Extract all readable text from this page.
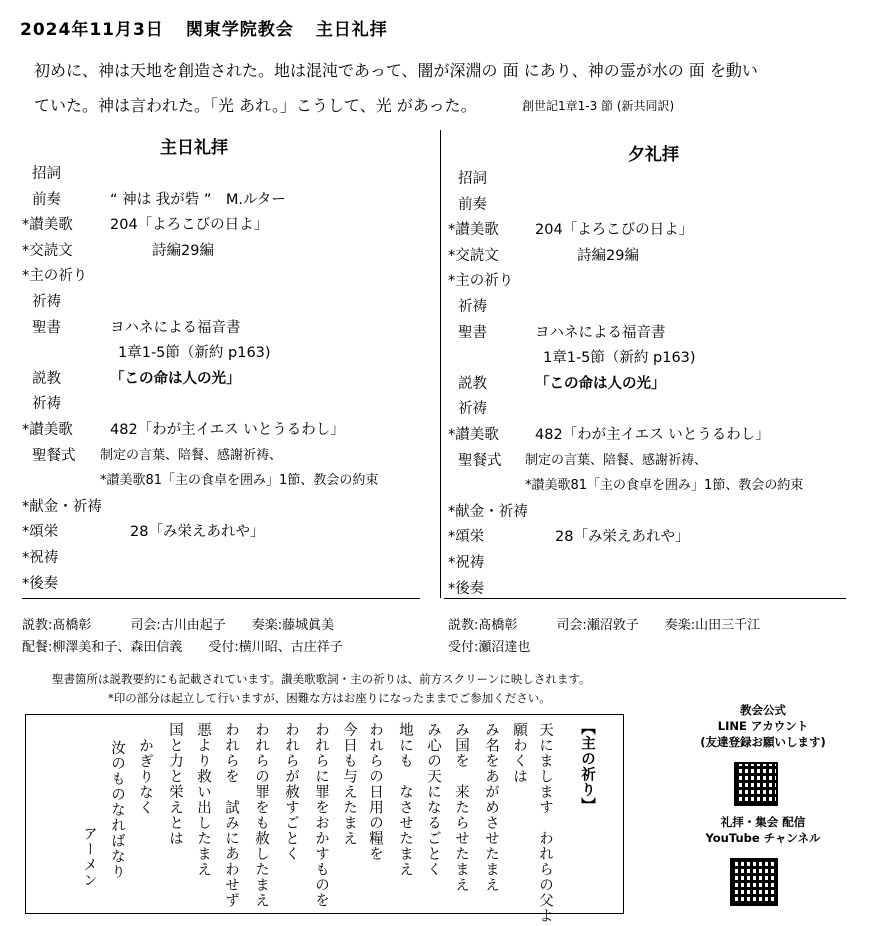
2024年11月3日 関東学院教会 主日礼拝
初めに、神は天地を創造された。地は混沌であって、闇が深淵の 面 にあり、神の霊が水の 面 を動い
ていた。神は言われた。「光 あれ。」こうして、光 があった。	創世記1章1-3 節 (新共同訳)
主日礼拝	夕礼拝
招詞
前奏	“ 神は 我が砦 ”　M.ルター
*讃美歌	204「よろこびの日よ」
*交読文	詩編29編
*主の祈り
祈祷
聖書	ヨハネによる福音書
1章1-5節（新約 p163)
説教	「この命は人の光」
祈祷
*讃美歌	482「わが主イエス いとうるわし」
聖餐式 制定の言葉、陪餐、感謝祈祷、
*讃美歌81「主の食卓を囲み」1節、教会の約束
*献金・祈祷
*頌栄	28「み栄えあれや」
*祝祷
*後奏
招詞
前奏
*讃美歌	204「よろこびの日よ」
*交読文	詩編29編
*主の祈り
祈祷
聖書	ヨハネによる福音書
1章1-5節（新約 p163)
説教	「この命は人の光」
祈祷
*讃美歌	482「わが主イエス いとうるわし」
聖餐式 制定の言葉、陪餐、感謝祈祷、
*讃美歌81「主の食卓を囲み」1節、教会の約束
*献金・祈祷
*頌栄	28「み栄えあれや」
*祝祷
*後奏
説教:髙橋彰　　　司会:古川由起子　　奏楽:藤城眞美
配餐:柳澤美和子、森田信義　　受付:横川昭、古庄祥子
説教:髙橋彰　　　司会:瀬沼敦子　　奏楽:山田三千江
受付:瀬沼達也
聖書箇所は説教要約にも記載されています。讃美歌歌詞・主の祈りは、前方スクリーンに映しされます。
*印の部分は起立して行いますが、困難な方はお座りになったままでご参加ください。
【主の祈り】
天にまします　われらの父よ
願わくは
み名をあがめさせたまえ
み国を　来たらせたまえ
み心の天になるごとく
地にも　なさせたまえ
われらの日用の糧を
今日も与えたまえ
われらに罪をおかすものを
われらが赦すごとく
われらの罪をも赦したまえ
われらを　試みにあわせず
悪より救い出したまえ
国と力と栄えとは
かぎりなく
汝のものなればなり
アーメン
教会公式
LINE アカウント
(友達登録お願いします)
礼拝・集会 配信
YouTube チャンネル
